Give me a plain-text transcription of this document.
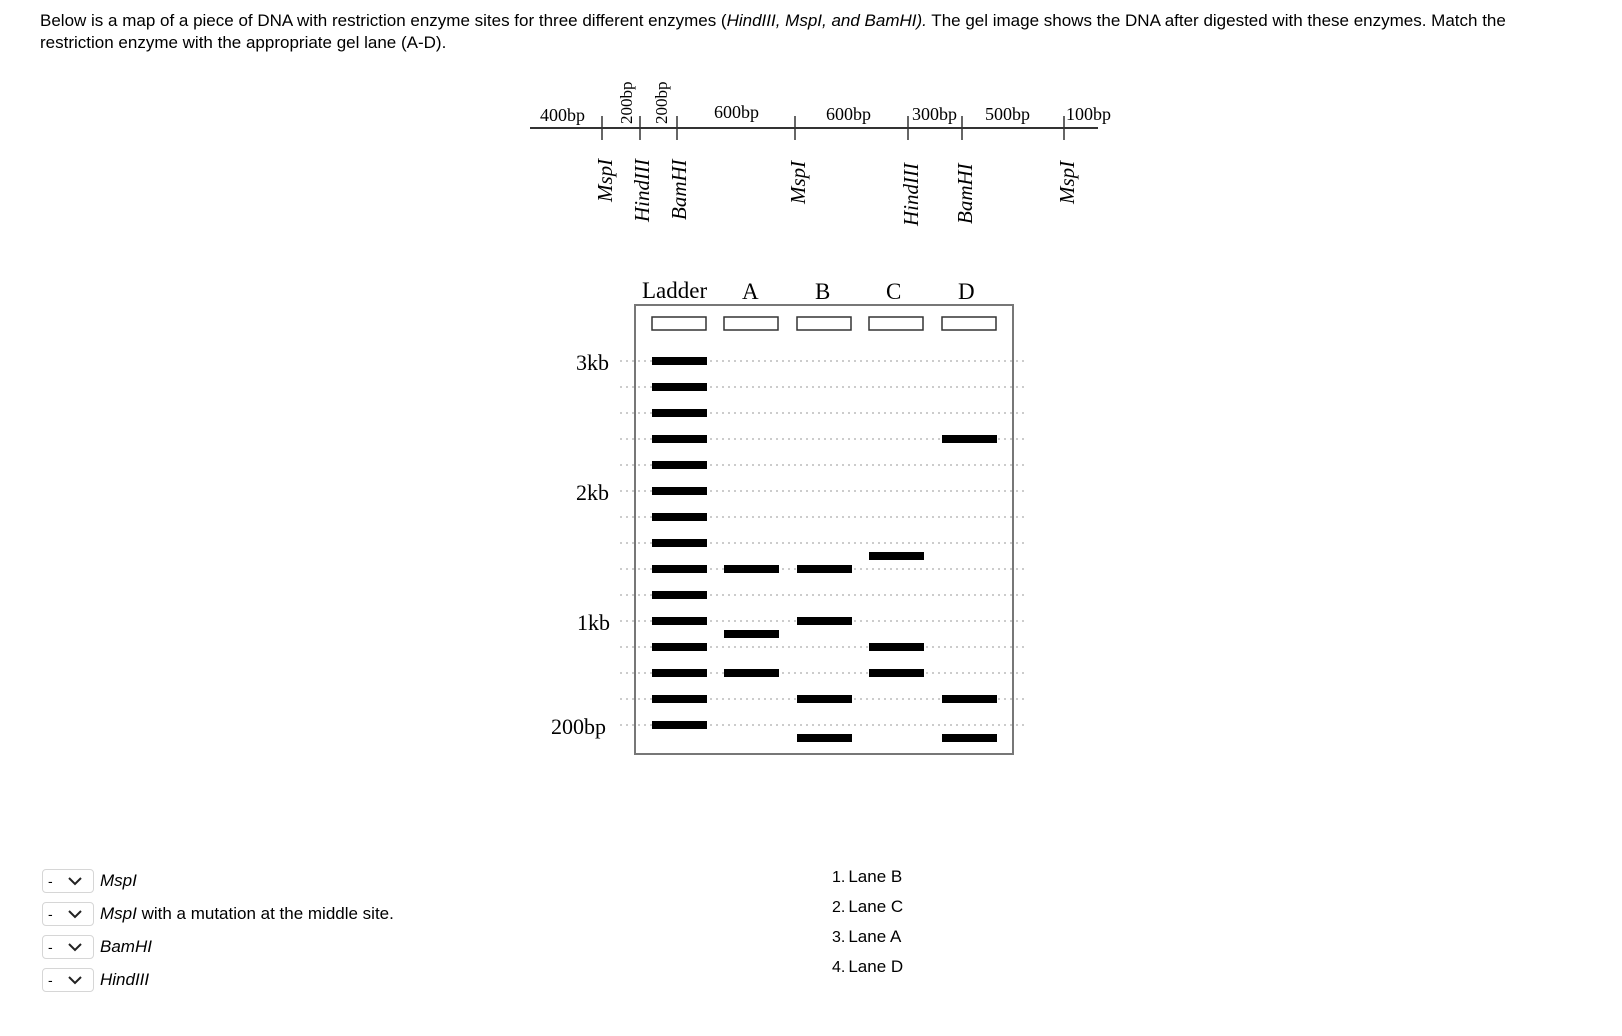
Below is a map of a piece of DNA with restriction enzyme sites for three different enzymes (HindIII, MspI, and BamHI). The gel image shows the DNA after digested with these enzymes. Match the
restriction enzyme with the appropriate gel lane (A-D).
400bp 200bp 200bp 600bp	600bp 300bp 500bp 100bp
MspI HindIII BamHI	MspI	HindIII BamHI	MspI
Ladder A B C D
3kb
2kb
1kb
200bp
-	MspI
-	MspI with a mutation at the middle site.
-	BamHI
-	HindIII
1. Lane B
2. Lane C
3. Lane A
4. Lane D
